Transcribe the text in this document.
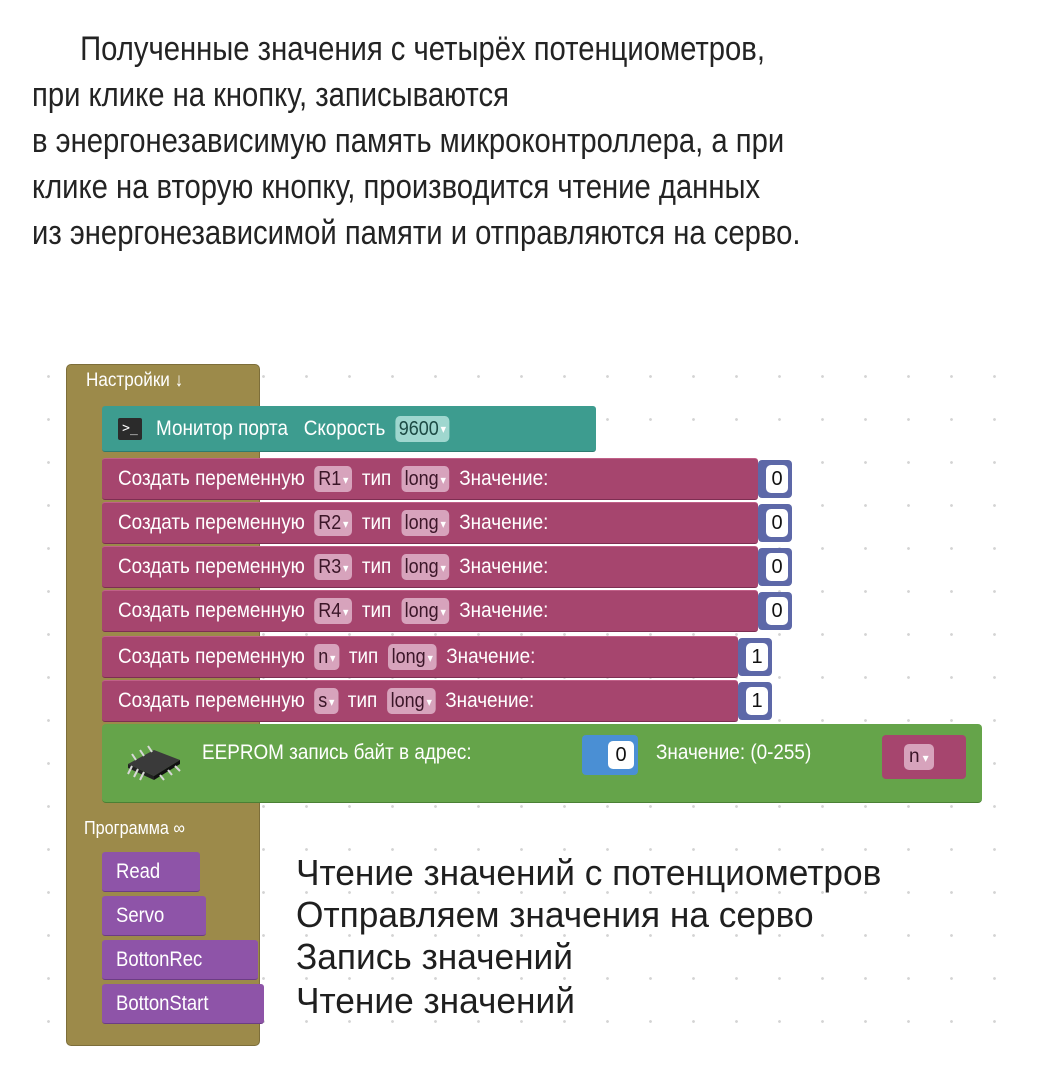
Полученные значения с четырёх потенциометров,
при клике на кнопку, записываются
в энергонезависимую память микроконтроллера, а при
клике на вторую кнопку, производится чтение данных
из энергонезависимой памяти и отправляются на серво.
Настройки ↓
>_ Монитор порта Скорость 9600 ▾
Создать переменную R1 ▾ тип long ▾ Значение:	0
Создать переменную R2 ▾ тип long ▾ Значение:	0
Создать переменную R3 ▾ тип long ▾ Значение:	0
Создать переменную R4 ▾ тип long ▾ Значение:	0
Создать переменную n ▾ тип long ▾ Значение:	1
Создать переменную s ▾ тип long ▾ Значение:	1
EEPROM запись байт в адрес:	0	Значение: (0-255)	n ▾
Программа ∞
Read
Servo
BottonRec
BottonStart
Чтение значений с потенциометров
Отправляем значения на серво
Запись значений
Чтение значений
